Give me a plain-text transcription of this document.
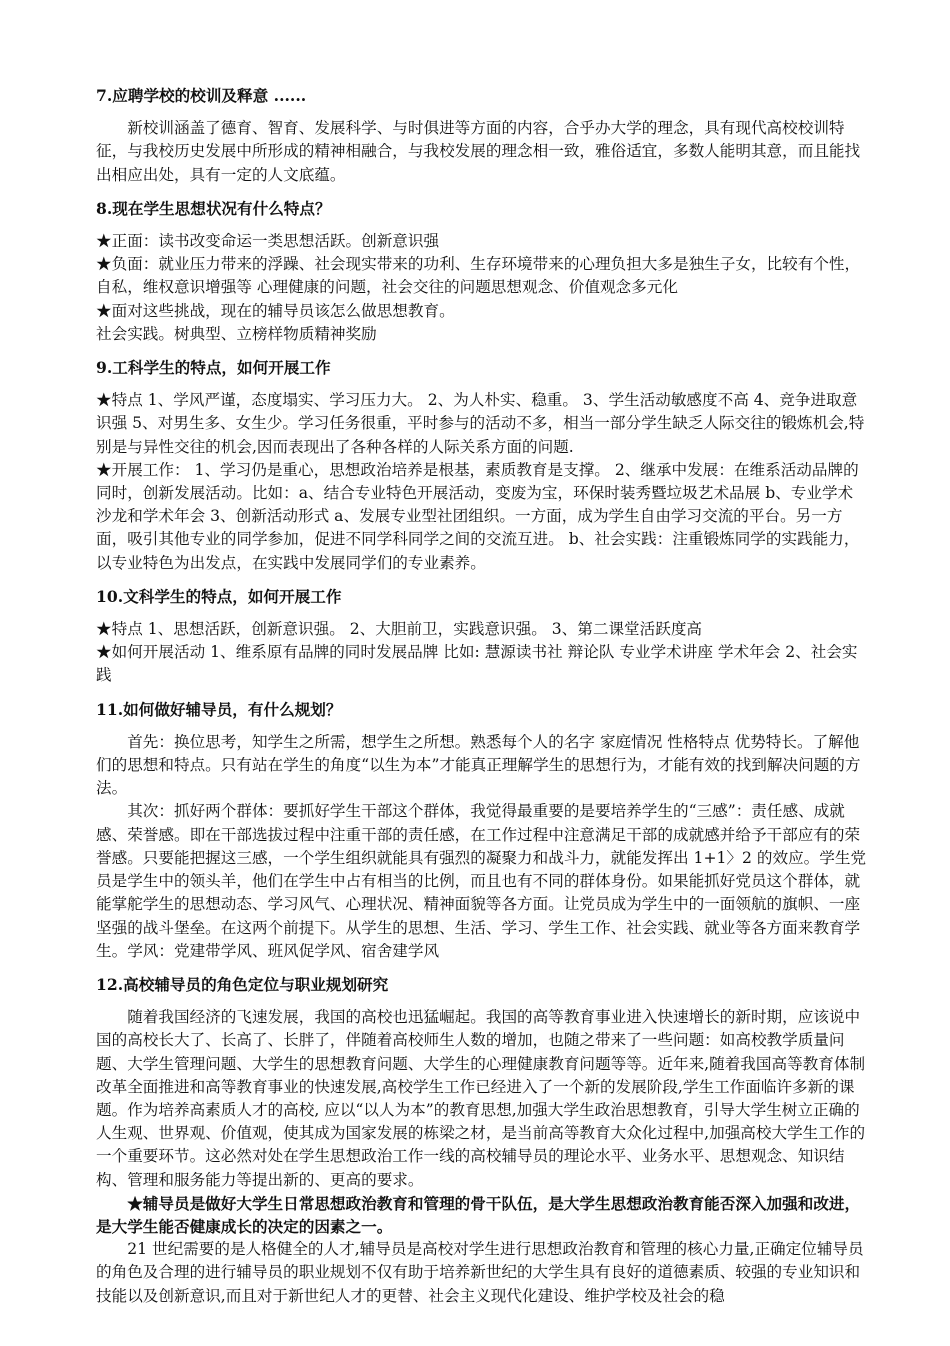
7.应聘学校的校训及释意 ......

新校训涵盖了德育、智育、发展科学、与时俱进等方面的内容，合乎办大学的理念，具有现代高校校训特征，与我校历史发展中所形成的精神相融合，与我校发展的理念相一致，雅俗适宜，多数人能明其意，而且能找出相应出处，具有一定的人文底蕴。

8.现在学生思想状况有什么特点？

★正面：读书改变命运一类思想活跃。创新意识强

★负面：就业压力带来的浮躁、社会现实带来的功利、生存环境带来的心理负担大多是独生子女，比较有个性，自私，维权意识增强等 心理健康的问题，社会交往的问题思想观念、价值观念多元化

★面对这些挑战，现在的辅导员该怎么做思想教育。

社会实践。树典型、立榜样物质精神奖励

9.工科学生的特点，如何开展工作

★特点 1、学风严谨，态度塌实、学习压力大。 2、为人朴实、稳重。 3、学生活动敏感度不高 4、竞争进取意识强 5、对男生多、女生少。学习任务很重，平时参与的活动不多，相当一部分学生缺乏人际交往的锻炼机会,特别是与异性交往的机会,因而表现出了各种各样的人际关系方面的问题.

★开展工作： 1、学习仍是重心，思想政治培养是根基，素质教育是支撑。 2、继承中发展：在维系活动品牌的同时，创新发展活动。比如：a、结合专业特色开展活动，变废为宝，环保时装秀暨垃圾艺术品展 b、专业学术沙龙和学术年会 3、创新活动形式 a、发展专业型社团组织。一方面，成为学生自由学习交流的平台。另一方面，吸引其他专业的同学参加，促进不同学科同学之间的交流互进。 b、社会实践：注重锻炼同学的实践能力，以专业特色为出发点，在实践中发展同学们的专业素养。

10.文科学生的特点，如何开展工作

★特点 1、思想活跃，创新意识强。 2、大胆前卫，实践意识强。 3、第二课堂活跃度高

★如何开展活动 1、维系原有品牌的同时发展品牌 比如: 慧源读书社 辩论队 专业学术讲座 学术年会 2、社会实践

11.如何做好辅导员，有什么规划？

首先：换位思考，知学生之所需，想学生之所想。熟悉每个人的名字 家庭情况 性格特点 优势特长。了解他们的思想和特点。只有站在学生的角度“以生为本”才能真正理解学生的思想行为，才能有效的找到解决问题的方法。

其次：抓好两个群体：要抓好学生干部这个群体，我觉得最重要的是要培养学生的“三感”：责任感、成就感、荣誉感。即在干部选拔过程中注重干部的责任感，在工作过程中注意满足干部的成就感并给予干部应有的荣誉感。只要能把握这三感，一个学生组织就能具有强烈的凝聚力和战斗力，就能发挥出 1+1〉2 的效应。学生党员是学生中的领头羊，他们在学生中占有相当的比例，而且也有不同的群体身份。如果能抓好党员这个群体，就能掌舵学生的思想动态、学习风气、心理状况、精神面貌等各方面。让党员成为学生中的一面领航的旗帜、一座坚强的战斗堡垒。在这两个前提下。从学生的思想、生活、学习、学生工作、社会实践、就业等各方面来教育学生。学风：党建带学风、班风促学风、宿舍建学风

12.高校辅导员的角色定位与职业规划研究

随着我国经济的飞速发展，我国的高校也迅猛崛起。我国的高等教育事业进入快速增长的新时期，应该说中国的高校长大了、长高了、长胖了，伴随着高校师生人数的增加，也随之带来了一些问题：如高校教学质量问题、大学生管理问题、大学生的思想教育问题、大学生的心理健康教育问题等等。近年来,随着我国高等教育体制改革全面推进和高等教育事业的快速发展,高校学生工作已经进入了一个新的发展阶段,学生工作面临许多新的课题。作为培养高素质人才的高校, 应以“以人为本”的教育思想,加强大学生政治思想教育，引导大学生树立正确的人生观、世界观、价值观，使其成为国家发展的栋梁之材，是当前高等教育大众化过程中,加强高校大学生工作的一个重要环节。这必然对处在学生思想政治工作一线的高校辅导员的理论水平、业务水平、思想观念、知识结构、管理和服务能力等提出新的、更高的要求。

★辅导员是做好大学生日常思想政治教育和管理的骨干队伍，是大学生思想政治教育能否深入加强和改进，是大学生能否健康成长的决定的因素之一。

21 世纪需要的是人格健全的人才,辅导员是高校对学生进行思想政治教育和管理的核心力量,正确定位辅导员的角色及合理的进行辅导员的职业规划不仅有助于培养新世纪的大学生具有良好的道德素质、较强的专业知识和技能以及创新意识,而且对于新世纪人才的更替、社会主义现代化建设、维护学校及社会的稳
